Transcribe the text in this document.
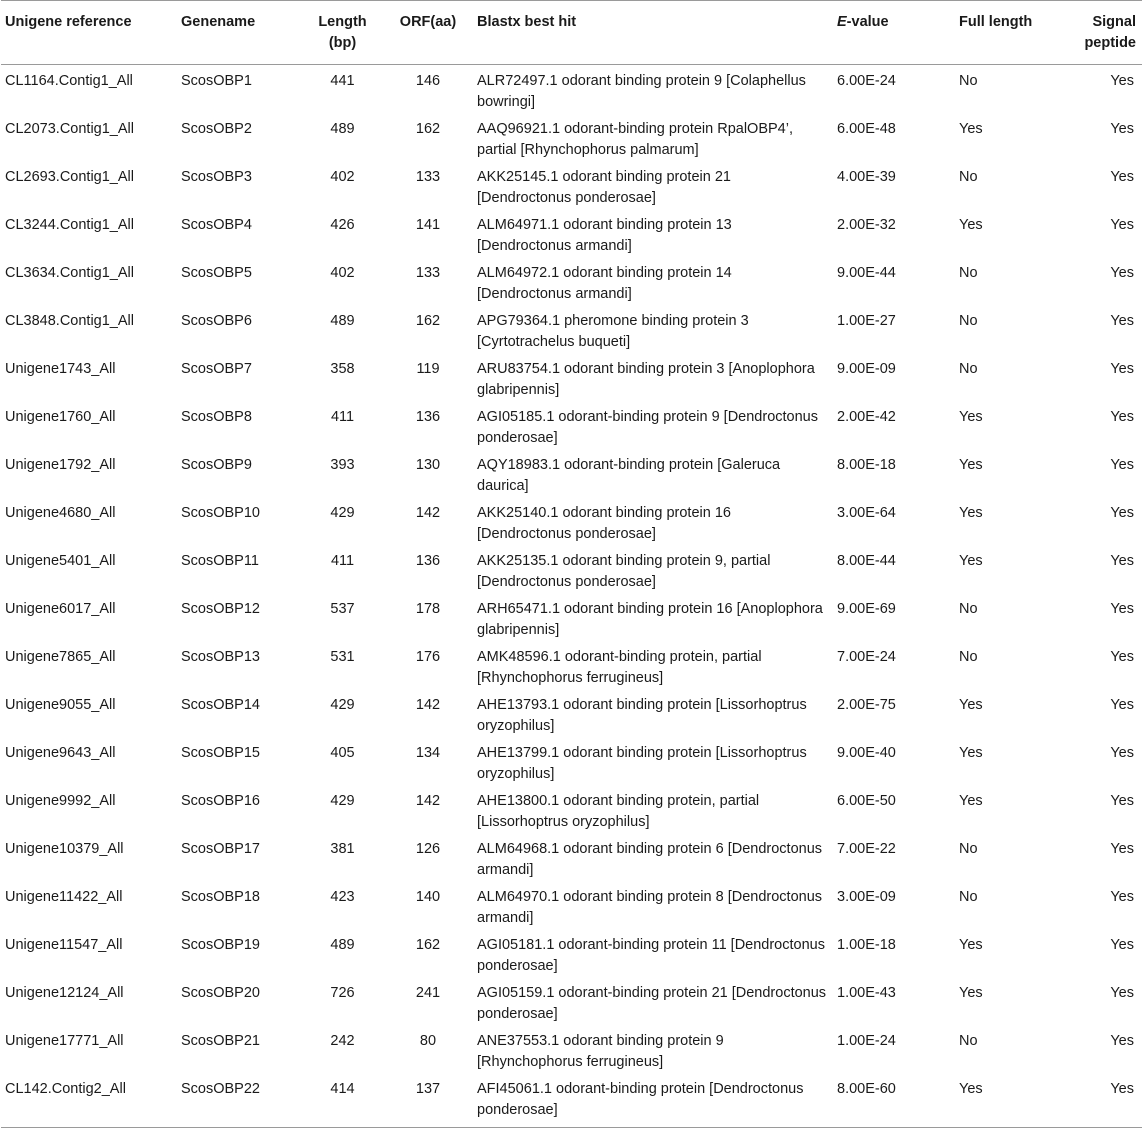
Unigene reference	Genename	Length (bp)	ORF(aa)	Blastx best hit	E-value	Full length	Signal peptide
CL1164.Contig1_All	ScosOBP1	441	146	ALR72497.1 odorant binding protein 9 [Colaphellus bowringi]	6.00E-24	No	Yes
CL2073.Contig1_All	ScosOBP2	489	162	AAQ96921.1 odorant-binding protein RpalOBP4’, partial [Rhynchophorus palmarum]	6.00E-48	Yes	Yes
CL2693.Contig1_All	ScosOBP3	402	133	AKK25145.1 odorant binding protein 21 [Dendroctonus ponderosae]	4.00E-39	No	Yes
CL3244.Contig1_All	ScosOBP4	426	141	ALM64971.1 odorant binding protein 13 [Dendroctonus armandi]	2.00E-32	Yes	Yes
CL3634.Contig1_All	ScosOBP5	402	133	ALM64972.1 odorant binding protein 14 [Dendroctonus armandi]	9.00E-44	No	Yes
CL3848.Contig1_All	ScosOBP6	489	162	APG79364.1 pheromone binding protein 3 [Cyrtotrachelus buqueti]	1.00E-27	No	Yes
Unigene1743_All	ScosOBP7	358	119	ARU83754.1 odorant binding protein 3 [Anoplophora glabripennis]	9.00E-09	No	Yes
Unigene1760_All	ScosOBP8	411	136	AGI05185.1 odorant-binding protein 9 [Dendroctonus ponderosae]	2.00E-42	Yes	Yes
Unigene1792_All	ScosOBP9	393	130	AQY18983.1 odorant-binding protein [Galeruca daurica]	8.00E-18	Yes	Yes
Unigene4680_All	ScosOBP10	429	142	AKK25140.1 odorant binding protein 16 [Dendroctonus ponderosae]	3.00E-64	Yes	Yes
Unigene5401_All	ScosOBP11	411	136	AKK25135.1 odorant binding protein 9, partial [Dendroctonus ponderosae]	8.00E-44	Yes	Yes
Unigene6017_All	ScosOBP12	537	178	ARH65471.1 odorant binding protein 16 [Anoplophora glabripennis]	9.00E-69	No	Yes
Unigene7865_All	ScosOBP13	531	176	AMK48596.1 odorant-binding protein, partial [Rhynchophorus ferrugineus]	7.00E-24	No	Yes
Unigene9055_All	ScosOBP14	429	142	AHE13793.1 odorant binding protein [Lissorhoptrus oryzophilus]	2.00E-75	Yes	Yes
Unigene9643_All	ScosOBP15	405	134	AHE13799.1 odorant binding protein [Lissorhoptrus oryzophilus]	9.00E-40	Yes	Yes
Unigene9992_All	ScosOBP16	429	142	AHE13800.1 odorant binding protein, partial [Lissorhoptrus oryzophilus]	6.00E-50	Yes	Yes
Unigene10379_All	ScosOBP17	381	126	ALM64968.1 odorant binding protein 6 [Dendroctonus armandi]	7.00E-22	No	Yes
Unigene11422_All	ScosOBP18	423	140	ALM64970.1 odorant binding protein 8 [Dendroctonus armandi]	3.00E-09	No	Yes
Unigene11547_All	ScosOBP19	489	162	AGI05181.1 odorant-binding protein 11 [Dendroctonus ponderosae]	1.00E-18	Yes	Yes
Unigene12124_All	ScosOBP20	726	241	AGI05159.1 odorant-binding protein 21 [Dendroctonus ponderosae]	1.00E-43	Yes	Yes
Unigene17771_All	ScosOBP21	242	80	ANE37553.1 odorant binding protein 9 [Rhynchophorus ferrugineus]	1.00E-24	No	Yes
CL142.Contig2_All	ScosOBP22	414	137	AFI45061.1 odorant-binding protein [Dendroctonus ponderosae]	8.00E-60	Yes	Yes
